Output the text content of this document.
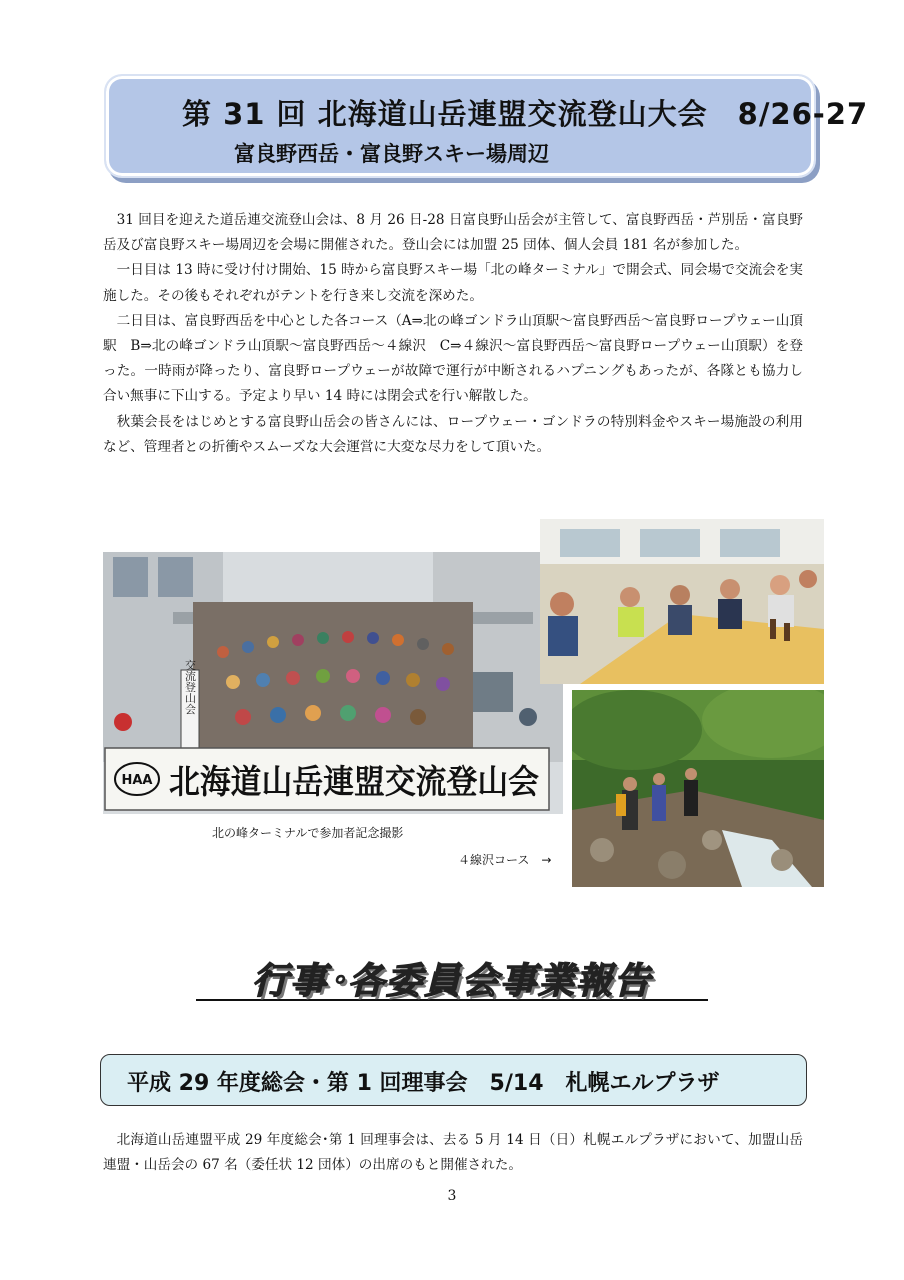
第 31 回 北海道山岳連盟交流登山大会　8/26-27
富良野西岳・富良野スキー場周辺

31 回目を迎えた道岳連交流登山会は、8 月 26 日-28 日富良野山岳会が主管して、富良野西岳・芦別岳・富良野岳及び富良野スキー場周辺を会場に開催された。登山会には加盟 25 団体、個人会員 181 名が参加した。

一日目は 13 時に受け付け開始、15 時から富良野スキー場「北の峰ターミナル」で開会式、同会場で交流会を実施した。その後もそれぞれがテントを行き来し交流を深めた。

二日目は、富良野西岳を中心とした各コース（A⇒北の峰ゴンドラ山頂駅〜富良野西岳〜富良野ロープウェー山頂駅　B⇒北の峰ゴンドラ山頂駅〜富良野西岳〜４線沢　C⇒４線沢〜富良野西岳〜富良野ロープウェー山頂駅）を登った。一時雨が降ったり、富良野ロープウェーが故障で運行が中断されるハプニングもあったが、各隊とも協力し合い無事に下山する。予定より早い 14 時には閉会式を行い解散した。

秋葉会長をはじめとする富良野山岳会の皆さんには、ロープウェー・ゴンドラの特別料金やスキー場施設の利用など、管理者との折衝やスムーズな大会運営に大変な尽力をして頂いた。

交流登山会
HAA 北海道山岳連盟交流登山会
北の峰ターミナルで参加者記念撮影
４線沢コース　→
行事･各委員会事業報告
平成 29 年度総会・第 1 回理事会　5/14　札幌エルプラザ

北海道山岳連盟平成 29 年度総会･第 1 回理事会は、去る 5 月 14 日（日）札幌エルプラザにおいて、加盟山岳連盟・山岳会の 67 名（委任状 12 団体）の出席のもと開催された。

3
